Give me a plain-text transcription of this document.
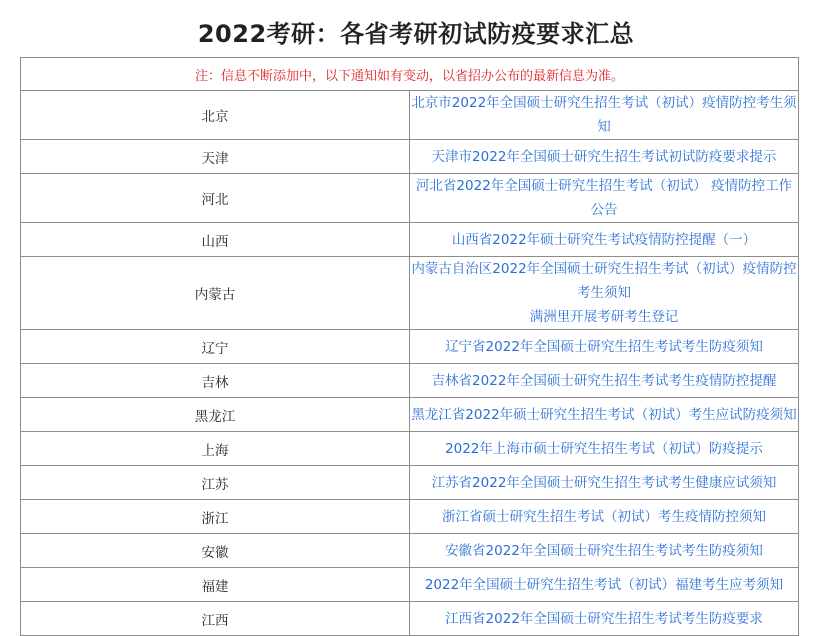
2022考研：各省考研初试防疫要求汇总
注：信息不断添加中，以下通知如有变动，以省招办公布的最新信息为准。	
北京	北京市2022年全国硕士研究生招生考试（初试）疫情防控考生须知

天津	天津市2022年全国硕士研究生招生考试初试防疫要求提示

河北	河北省2022年全国硕士研究生招生考试（初试） 疫情防控工作公告

山西	山西省2022年硕士研究生考试疫情防控提醒（一）

内蒙古	内蒙古自治区2022年全国硕士研究生招生考试（初试）疫情防控考生须知
满洲里开展考研考生登记

辽宁	辽宁省2022年全国硕士研究生招生考试考生防疫须知

吉林	吉林省2022年全国硕士研究生招生考试考生疫情防控提醒

黑龙江	黑龙江省2022年硕士研究生招生考试（初试）考生应试防疫须知

上海	2022年上海市硕士研究生招生考试（初试）防疫提示

江苏	江苏省2022年全国硕士研究生招生考试考生健康应试须知

浙江	浙江省硕士研究生招生考试（初试）考生疫情防控须知

安徽	安徽省2022年全国硕士研究生招生考试考生防疫须知

福建	2022年全国硕士研究生招生考试（初试）福建考生应考须知

江西	江西省2022年全国硕士研究生招生考试考生防疫要求
